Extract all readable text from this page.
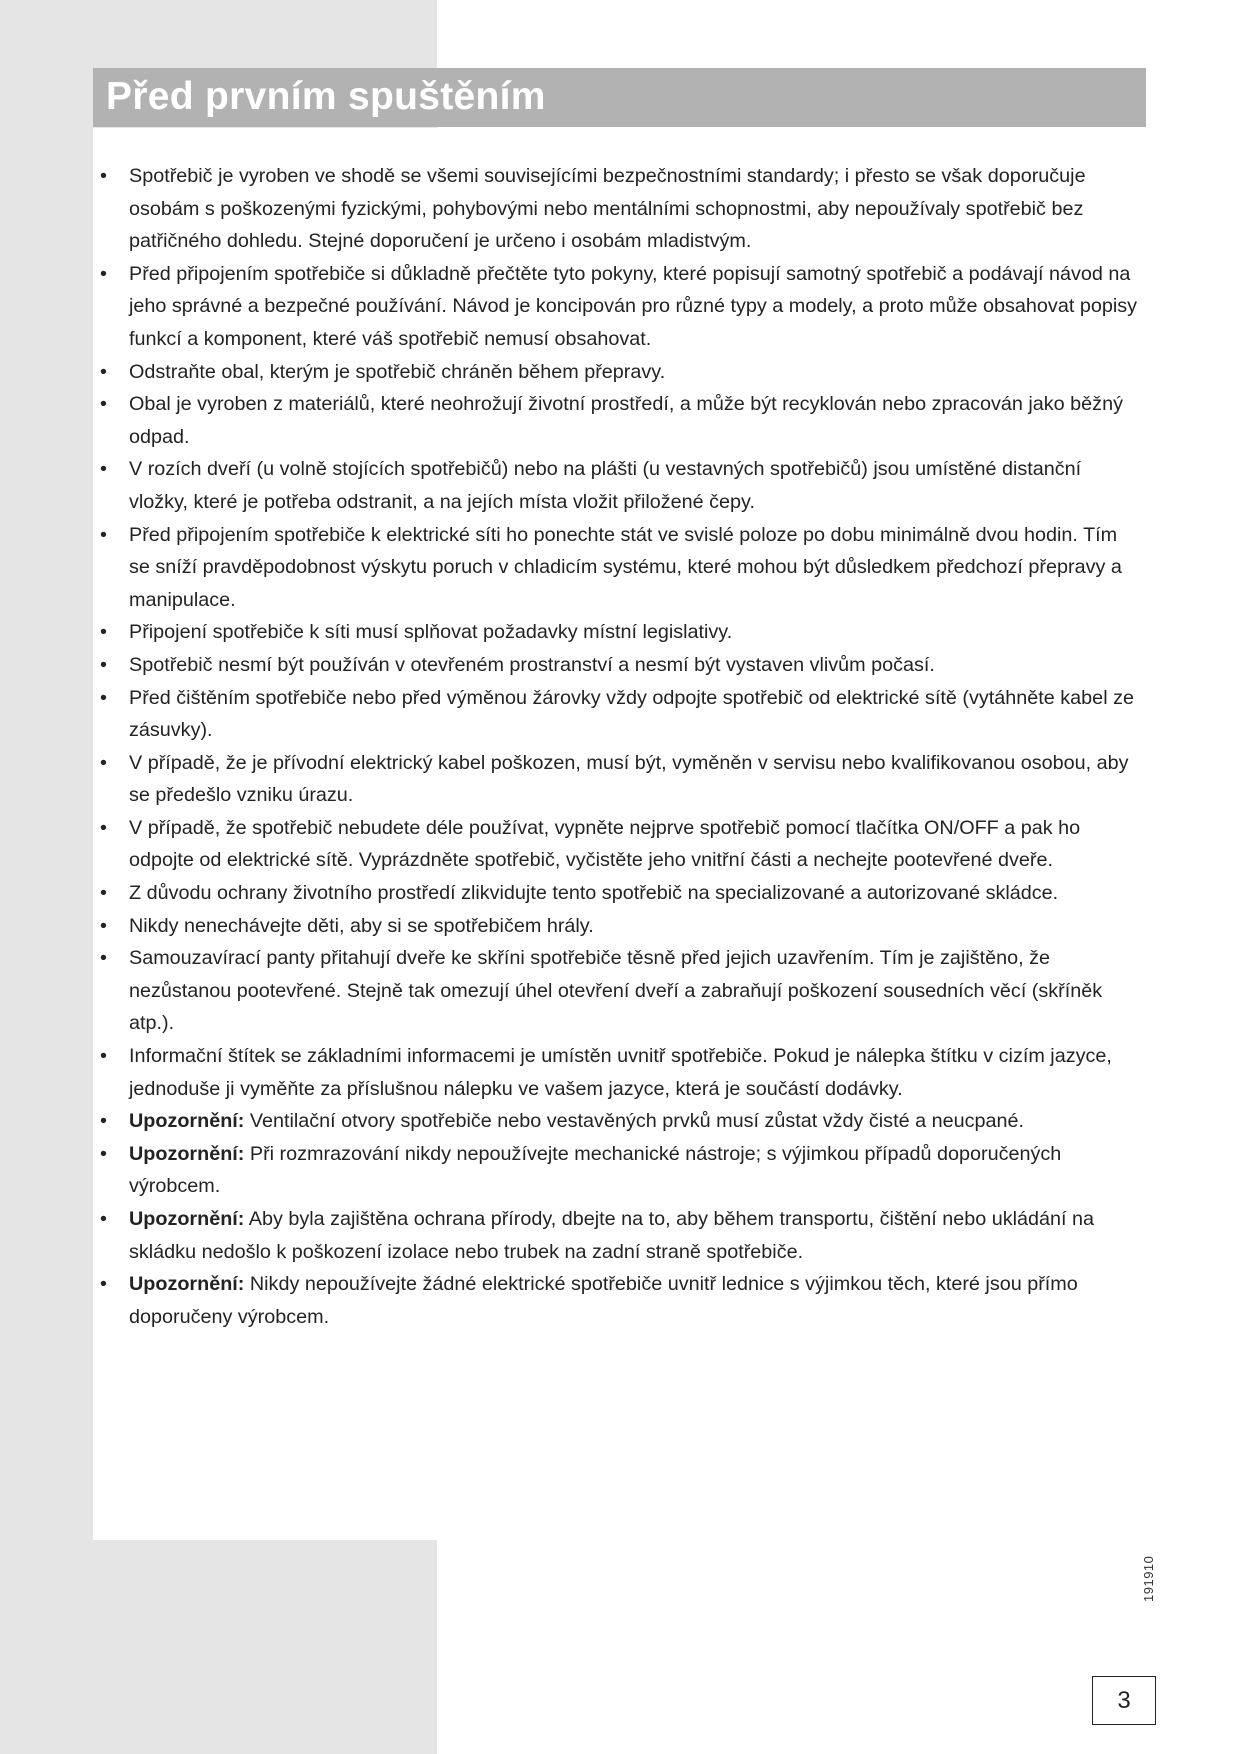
Před prvním spuštěním
• Spotřebič je vyroben ve shodě se všemi souvisejícími bezpečnostními standardy; i přesto se však doporučuje osobám s poškozenými fyzickými, pohybovými nebo mentálními schopnostmi, aby nepoužívaly spotřebič bez patřičného dohledu. Stejné doporučení je určeno i osobám mladistvým.
• Před připojením spotřebiče si důkladně přečtěte tyto pokyny, které popisují samotný spotřebič a podávají návod na jeho správné a bezpečné používání. Návod je koncipován pro různé typy a modely, a proto může obsahovat popisy funkcí a komponent, které váš spotřebič nemusí obsahovat.
• Odstraňte obal, kterým je spotřebič chráněn během přepravy.
• Obal je vyroben z materiálů, které neohrožují životní prostředí, a může být recyklován nebo zpracován jako běžný odpad.
• V rozích dveří (u volně stojících spotřebičů) nebo na plášti (u vestavných spotřebičů) jsou umístěné distanční vložky, které je potřeba odstranit, a na jejích místa vložit přiložené čepy.
• Před připojením spotřebiče k elektrické síti ho ponechte stát ve svislé poloze po dobu minimálně dvou hodin. Tím se sníží pravděpodobnost výskytu poruch v chladicím systému, které mohou být důsledkem předchozí přepravy a manipulace.
• Připojení spotřebiče k síti musí splňovat požadavky místní legislativy.
• Spotřebič nesmí být používán v otevřeném prostranství a nesmí být vystaven vlivům počasí.
• Před čištěním spotřebiče nebo před výměnou žárovky vždy odpojte spotřebič od elektrické sítě (vytáhněte kabel ze zásuvky).
• V případě, že je přívodní elektrický kabel poškozen, musí být, vyměněn v servisu nebo kvalifikovanou osobou, aby se předešlo vzniku úrazu.
• V případě, že spotřebič nebudete déle používat, vypněte nejprve spotřebič pomocí tlačítka ON/OFF a pak ho odpojte od elektrické sítě. Vyprázdněte spotřebič, vyčistěte jeho vnitřní části a nechejte pootevřené dveře.
• Z důvodu ochrany životního prostředí zlikvidujte tento spotřebič na specializované a autorizované skládce.
• Nikdy nenechávejte děti, aby si se spotřebičem hrály.
• Samouzavírací panty přitahují dveře ke skříni spotřebiče těsně před jejich uzavřením. Tím je zajištěno, že nezůstanou pootevřené. Stejně tak omezují úhel otevření dveří a zabraňují poškození sousedních věcí (skříněk atp.).
• Informační štítek se základními informacemi je umístěn uvnitř spotřebiče. Pokud je nálepka štítku v cizím jazyce, jednoduše ji vyměňte za příslušnou nálepku ve vašem jazyce, která je součástí dodávky.
• Upozornění: Ventilační otvory spotřebiče nebo vestavěných prvků musí zůstat vždy čisté a neucpané.
• Upozornění: Při rozmrazování nikdy nepoužívejte mechanické nástroje; s výjimkou případů doporučených výrobcem.
• Upozornění: Aby byla zajištěna ochrana přírody, dbejte na to, aby během transportu, čištění nebo ukládání na skládku nedošlo k poškození izolace nebo trubek na zadní straně spotřebiče.
• Upozornění: Nikdy nepoužívejte žádné elektrické spotřebiče uvnitř lednice s výjimkou těch, které jsou přímo doporučeny výrobcem.
191910
3
